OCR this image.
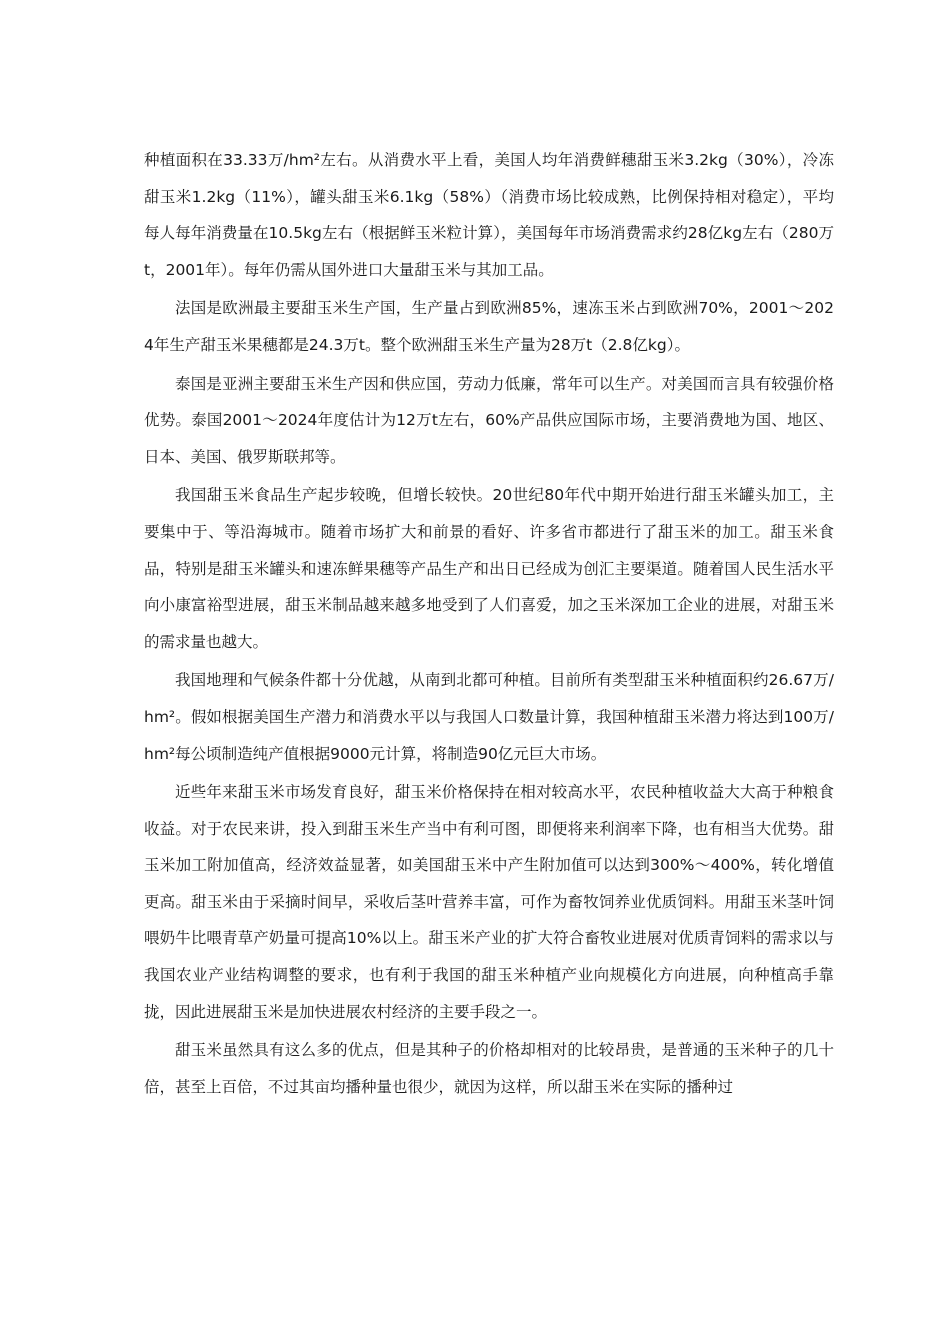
种植面积在33.33万/hm²左右。从消费水平上看，美国人均年消费鲜穗甜玉米3.2kg（30%），冷冻甜玉米1.2kg（11%），罐头甜玉米6.1kg（58%）（消费市场比较成熟，比例保持相对稳定），平均每人每年消费量在10.5kg左右（根据鲜玉米粒计算），美国每年市场消费需求约28亿kg左右（280万t，2001年）。每年仍需从国外进口大量甜玉米与其加工品。

法国是欧洲最主要甜玉米生产国，生产量占到欧洲85%，速冻玉米占到欧洲70%，2001～2024年生产甜玉米果穗都是24.3万t。整个欧洲甜玉米生产量为28万t（2.8亿kg）。

泰国是亚洲主要甜玉米生产因和供应国，劳动力低廉，常年可以生产。对美国而言具有较强价格优势。泰国2001～2024年度估计为12万t左右，60%产品供应国际市场，主要消费地为国、地区、日本、美国、俄罗斯联邦等。

我国甜玉米食品生产起步较晚，但增长较快。20世纪80年代中期开始进行甜玉米罐头加工，主要集中于、等沿海城市。随着市场扩大和前景的看好、许多省市都进行了甜玉米的加工。甜玉米食品，特别是甜玉米罐头和速冻鲜果穗等产品生产和出日已经成为创汇主要渠道。随着国人民生活水平向小康富裕型进展，甜玉米制品越来越多地受到了人们喜爱，加之玉米深加工企业的进展，对甜玉米的需求量也越大。

我国地理和气候条件都十分优越，从南到北都可种植。目前所有类型甜玉米种植面积约26.67万/hm²。假如根据美国生产潜力和消费水平以与我国人口数量计算，我国种植甜玉米潜力将达到100万/hm²每公顷制造纯产值根据9000元计算，将制造90亿元巨大市场。

近些年来甜玉米市场发育良好，甜玉米价格保持在相对较高水平，农民种植收益大大高于种粮食收益。对于农民来讲，投入到甜玉米生产当中有利可图，即便将来利润率下降，也有相当大优势。甜玉米加工附加值高，经济效益显著，如美国甜玉米中产生附加值可以达到300%～400%，转化增值更高。甜玉米由于采摘时间早，采收后茎叶营养丰富，可作为畜牧饲养业优质饲料。用甜玉米茎叶饲喂奶牛比喂青草产奶量可提高10%以上。甜玉米产业的扩大符合畜牧业进展对优质青饲料的需求以与我国农业产业结构调整的要求，也有利于我国的甜玉米种植产业向规模化方向进展，向种植高手靠拢，因此进展甜玉米是加快进展农村经济的主要手段之一。

甜玉米虽然具有这么多的优点，但是其种子的价格却相对的比较昂贵，是普通的玉米种子的几十倍，甚至上百倍，不过其亩均播种量也很少，就因为这样，所以甜玉米在实际的播种过
